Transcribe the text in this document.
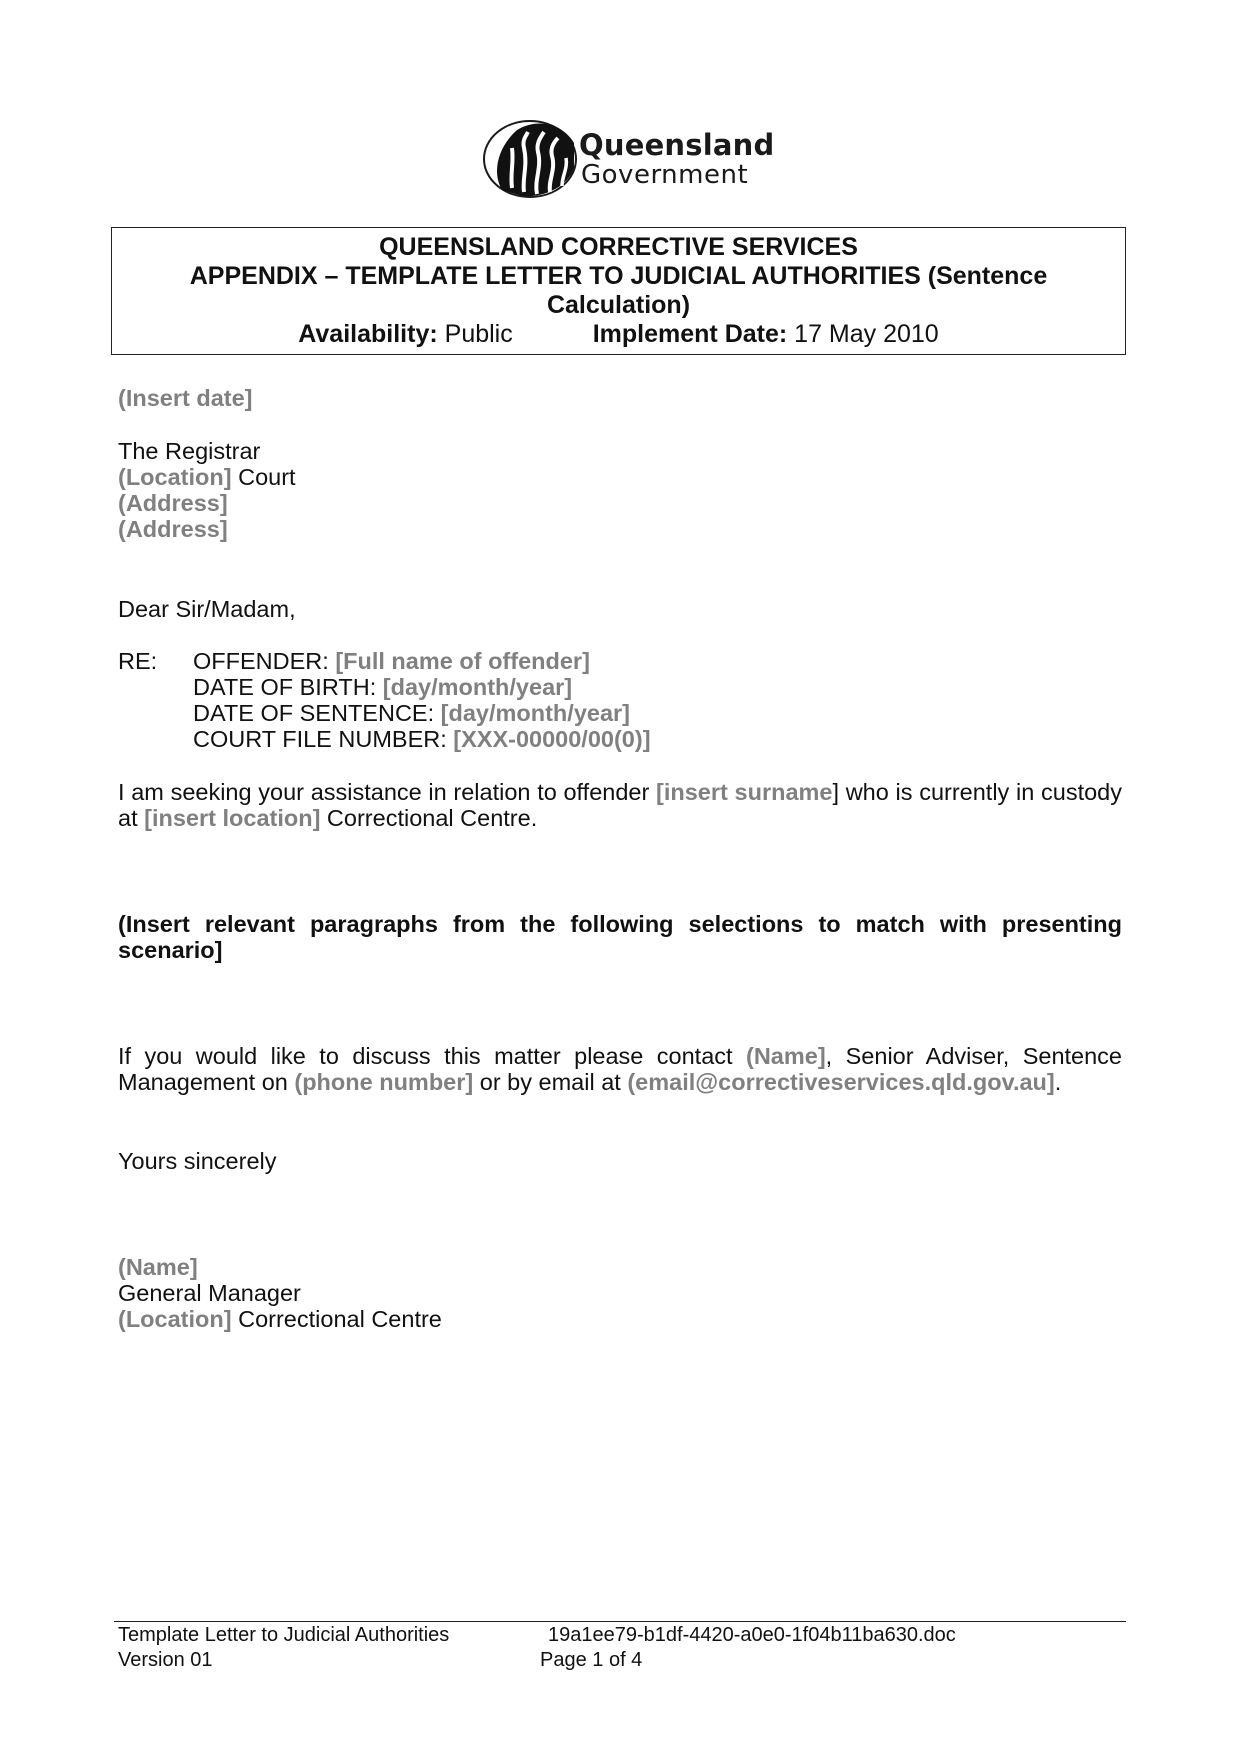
Queensland
Government
QUEENSLAND CORRECTIVE SERVICES
APPENDIX – TEMPLATE LETTER TO JUDICIAL AUTHORITIES (Sentence
Calculation)
Availability: Public	Implement Date: 17 May 2010
(Insert date]
The Registrar
(Location] Court
(Address]
(Address]
Dear Sir/Madam,
RE: OFFENDER: [Full name of offender]
DATE OF BIRTH: [day/month/year]
DATE OF SENTENCE: [day/month/year]
COURT FILE NUMBER: [XXX-00000/00(0)]
I am seeking your assistance in relation to offender [insert surname] who is currently in custody at [insert location] Correctional Centre.
(Insert relevant paragraphs from the following selections to match with presenting scenario]
If you would like to discuss this matter please contact (Name], Senior Adviser, Sentence Management on (phone number] or by email at (email@correctiveservices.qld.gov.au].
Yours sincerely
(Name]
General Manager
(Location] Correctional Centre
Template Letter to Judicial Authorities
Version 01
19a1ee79-b1df-4420-a0e0-1f04b11ba630.doc
Page 1 of 4
